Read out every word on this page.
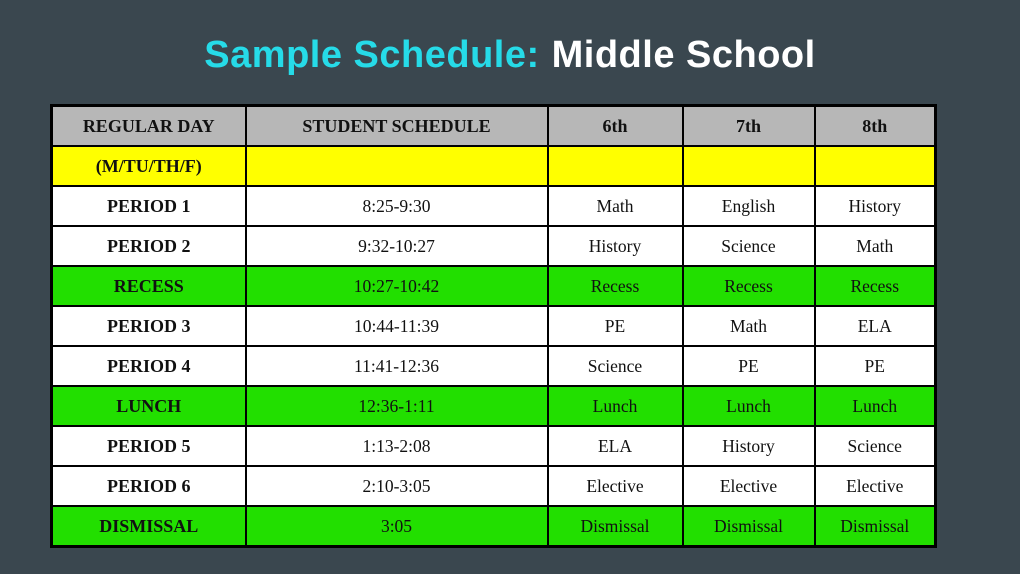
Sample Schedule: Middle School
REGULAR DAY	STUDENT SCHEDULE	6th	7th	8th
(M/TU/TH/F)				
PERIOD 1	8:25-9:30	Math	English	History
PERIOD 2	9:32-10:27	History	Science	Math
RECESS	10:27-10:42	Recess	Recess	Recess
PERIOD 3	10:44-11:39	PE	Math	ELA
PERIOD 4	11:41-12:36	Science	PE	PE
LUNCH	12:36-1:11	Lunch	Lunch	Lunch
PERIOD 5	1:13-2:08	ELA	History	Science
PERIOD 6	2:10-3:05	Elective	Elective	Elective
DISMISSAL	3:05	Dismissal	Dismissal	Dismissal
